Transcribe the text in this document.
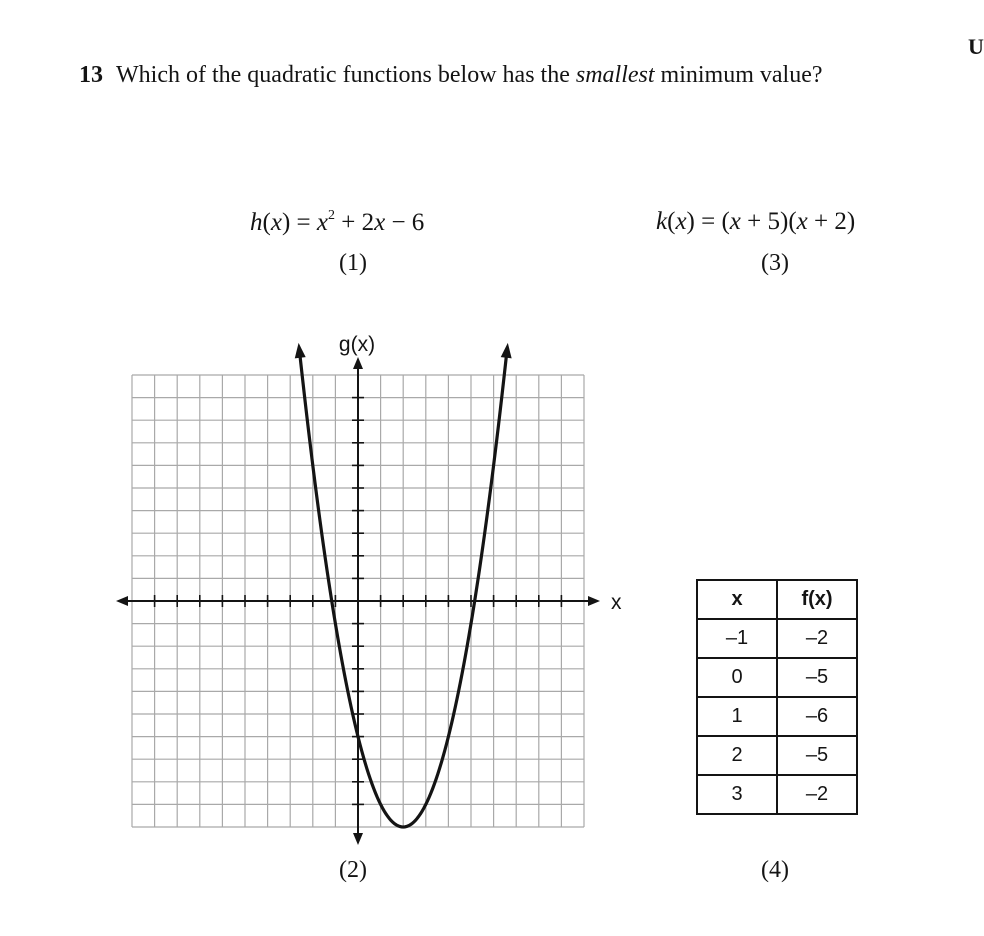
U
13 Which of the quadratic functions below has the smallest minimum value?
$h(x) = x^2 + 2x - 6$
(1)
k(x) = (x + 5)(x + 2)
(3)
g(x)
x
(2)
x	f(x)
–1	–2
0	–5
1	–6
2	–5
3	–2
(4)
